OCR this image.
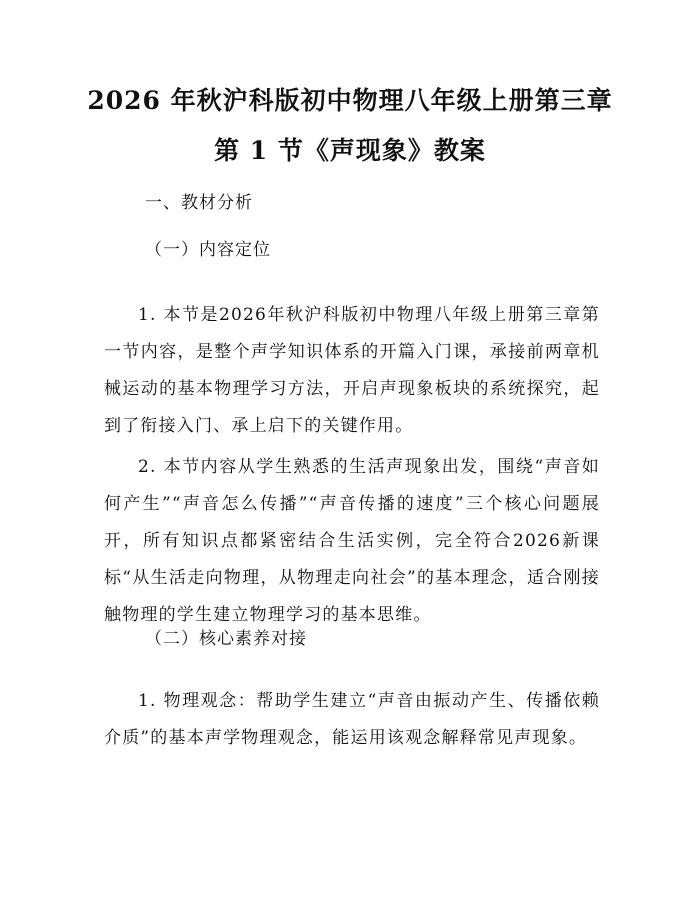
2026 年秋沪科版初中物理八年级上册第三章
第 1 节《声现象》教案
一、教材分析
（一）内容定位

1. 本节是2026年秋沪科版初中物理八年级上册第三章第一节内容，是整个声学知识体系的开篇入门课，承接前两章机械运动的基本物理学习方法，开启声现象板块的系统探究，起到了衔接入门、承上启下的关键作用。

2. 本节内容从学生熟悉的生活声现象出发，围绕“声音如何产生”“声音怎么传播”“声音传播的速度”三个核心问题展开，所有知识点都紧密结合生活实例，完全符合2026新课标“从生活走向物理，从物理走向社会”的基本理念，适合刚接触物理的学生建立物理学习的基本思维。

（二）核心素养对接

1. 物理观念：帮助学生建立“声音由振动产生、传播依赖介质”的基本声学物理观念，能运用该观念解释常见声现象。
